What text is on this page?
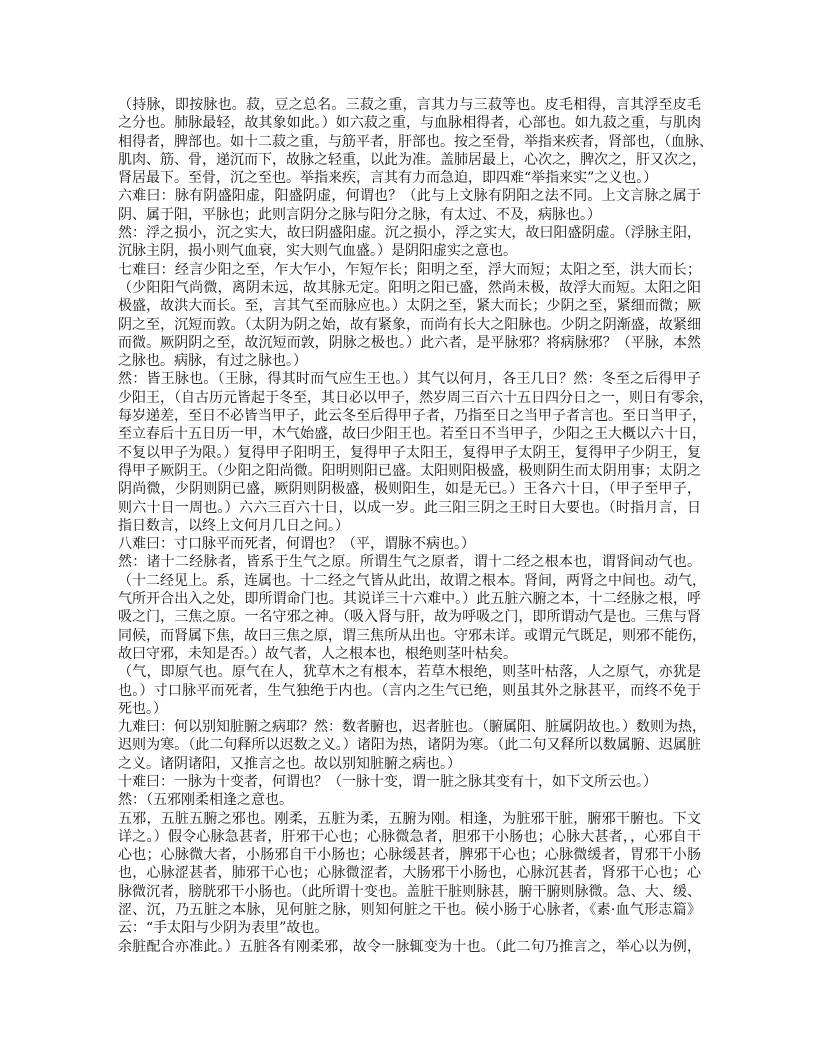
（持脉，即按脉也。菽，豆之总名。三菽之重，言其力与三菽等也。皮毛相得，言其浮至皮毛
之分也。肺脉最轻，故其象如此。）如六菽之重，与血脉相得者，心部也。如九菽之重，与肌肉
相得者，脾部也。如十二菽之重，与筋平者，肝部也。按之至骨，举指来疾者，肾部也，（血脉、
肌肉、筋、骨，递沉而下，故脉之轻重，以此为准。盖肺居最上，心次之，脾次之，肝又次之，
肾居最下。至骨，沉之至也。举指来疾，言其有力而急迫，即四难“举指来实”之义也。）
六难曰：脉有阴盛阳虚，阳盛阴虚，何谓也？（此与上文脉有阴阳之法不同。上文言脉之属于
阴、属于阳，平脉也；此则言阴分之脉与阳分之脉，有太过、不及，病脉也。）
然：浮之损小，沉之实大，故曰阴盛阳虚。沉之损小，浮之实大，故曰阳盛阴虚。（浮脉主阳，
沉脉主阴，损小则气血衰，实大则气血盛。）是阴阳虚实之意也。
七难曰：经言少阳之至，乍大乍小，乍短乍长；阳明之至，浮大而短；太阳之至，洪大而长；
（少阳阳气尚微，离阴未远，故其脉无定。阳明之阳已盛，然尚未极，故浮大而短。太阳之阳
极盛，故洪大而长。至，言其气至而脉应也。）太阴之至，紧大而长；少阴之至，紧细而微；厥
阴之至，沉短而敦。（太阴为阴之始，故有紧象，而尚有长大之阳脉也。少阴之阴渐盛，故紧细
而微。厥阴阴之至，故沉短而敦，阴脉之极也。）此六者，是平脉邪？将病脉邪？（平脉，本然
之脉也。病脉，有过之脉也。）
然：皆王脉也。（王脉，得其时而气应生王也。）其气以何月，各王几日？然：冬至之后得甲子
少阳王，（自古历元皆起于冬至，其日必以甲子，然岁周三百六十五日四分日之一，则日有零余，
每岁递差，至日不必皆当甲子，此云冬至后得甲子者，乃指至日之当甲子者言也。至日当甲子，
至立春后十五日历一甲，木气始盛，故曰少阳王也。若至日不当甲子，少阳之王大概以六十日，
不复以甲子为限。）复得甲子阳明王，复得甲子太阳王，复得甲子太阴王，复得甲子少阴王，复
得甲子厥阴王。（少阳之阳尚微。阳明则阳已盛。太阳则阳极盛，极则阴生而太阴用事；太阴之
阴尚微，少阴则阴已盛，厥阴则阴极盛，极则阳生，如是无已。）王各六十日，（甲子至甲子，
则六十日一周也。）六六三百六十日，以成一岁。此三阳三阴之王时日大要也。（时指月言，日
指日数言，以终上文何月几日之问。）
八难曰：寸口脉平而死者，何谓也？（平，谓脉不病也。）
然：诸十二经脉者，皆系于生气之原。所谓生气之原者，谓十二经之根本也，谓肾间动气也。
（十二经见上。系，连属也。十二经之气皆从此出，故谓之根本。肾间，两肾之中间也。动气，
气所开合出入之处，即所谓命门也。其说详三十六难中。）此五脏六腑之本，十二经脉之根，呼
吸之门，三焦之原。一名守邪之神。（吸入肾与肝，故为呼吸之门，即所谓动气是也。三焦与肾
同候，而肾属下焦，故曰三焦之原，谓三焦所从出也。守邪未详。或谓元气既足，则邪不能伤，
故曰守邪，未知是否。）故气者，人之根本也，根绝则茎叶枯矣。
（气，即原气也。原气在人，犹草木之有根本，若草木根绝，则茎叶枯落，人之原气，亦犹是
也。）寸口脉平而死者，生气独绝于内也。（言内之生气已绝，则虽其外之脉甚平，而终不免于
死也。）
九难曰：何以别知脏腑之病耶？然：数者腑也，迟者脏也。（腑属阳、脏属阴故也。）数则为热，
迟则为寒。（此二句释所以迟数之义。）诸阳为热，诸阴为寒。（此二句又释所以数属腑、迟属脏
之义。诸阴诸阳，又推言之也。故以别知脏腑之病也。）
十难曰：一脉为十变者，何谓也？（一脉十变，谓一脏之脉其变有十，如下文所云也。）
然：（五邪刚柔相逢之意也。
五邪，五脏五腑之邪也。刚柔，五脏为柔，五腑为刚。相逢，为脏邪干脏，腑邪干腑也。下文
详之。）假令心脉急甚者，肝邪干心也；心脉微急者，胆邪干小肠也；心脉大甚者，，心邪自干
心也；心脉微大者，小肠邪自干小肠也；心脉缓甚者，脾邪干心也；心脉微缓者，胃邪干小肠
也，心脉涩甚者，肺邪干心也；心脉微涩者，大肠邪干小肠也，心脉沉甚者，肾邪干心也；心
脉微沉者，膀胱邪干小肠也。（此所谓十变也。盖脏干脏则脉甚，腑干腑则脉微。急、大、缓、
涩、沉，乃五脏之本脉，见何脏之脉，则知何脏之干也。候小肠于心脉者，《素·血气形志篇》
云：“手太阳与少阴为表里”故也。
余脏配合亦准此。）五脏各有刚柔邪，故令一脉辄变为十也。（此二句乃推言之，举心以为例，
